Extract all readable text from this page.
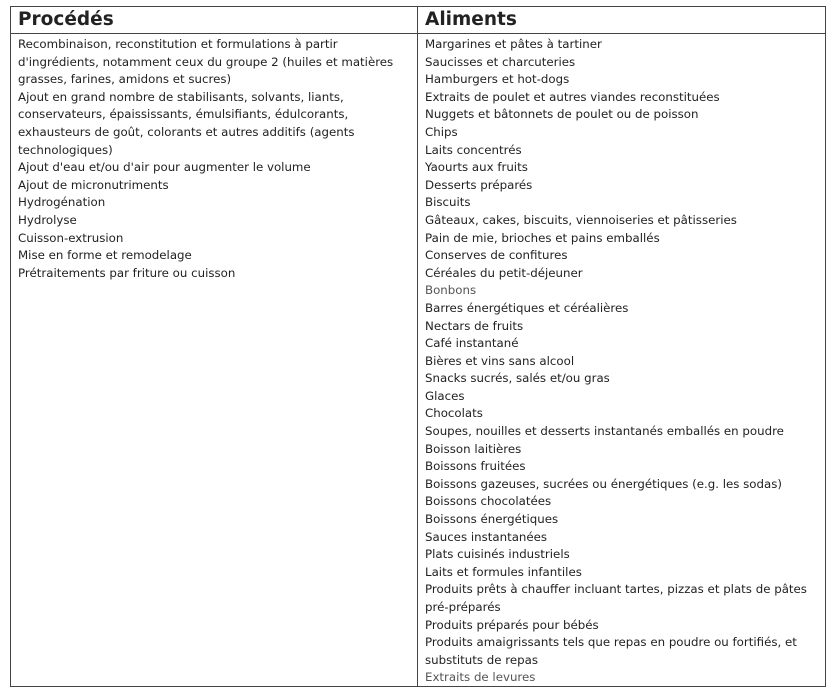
Procédés	Aliments
Recombinaison, reconstitution et formulations à partir
d'ingrédients, notamment ceux du groupe 2 (huiles et matières
grasses, farines, amidons et sucres)
Ajout en grand nombre de stabilisants, solvants, liants,
conservateurs, épaississants, émulsifiants, édulcorants,
exhausteurs de goût, colorants et autres additifs (agents
technologiques)
Ajout d'eau et/ou d'air pour augmenter le volume
Ajout de micronutriments
Hydrogénation
Hydrolyse
Cuisson-extrusion
Mise en forme et remodelage
Prétraitements par friture ou cuisson
Margarines et pâtes à tartiner
Saucisses et charcuteries
Hamburgers et hot-dogs
Extraits de poulet et autres viandes reconstituées
Nuggets et bâtonnets de poulet ou de poisson
Chips
Laits concentrés
Yaourts aux fruits
Desserts préparés
Biscuits
Gâteaux, cakes, biscuits, viennoiseries et pâtisseries
Pain de mie, brioches et pains emballés
Conserves de confitures
Céréales du petit-déjeuner
Bonbons
Barres énergétiques et céréalières
Nectars de fruits
Café instantané
Bières et vins sans alcool
Snacks sucrés, salés et/ou gras
Glaces
Chocolats
Soupes, nouilles et desserts instantanés emballés en poudre
Boisson laitières
Boissons fruitées
Boissons gazeuses, sucrées ou énergétiques (e.g. les sodas)
Boissons chocolatées
Boissons énergétiques
Sauces instantanées
Plats cuisinés industriels
Laits et formules infantiles
Produits prêts à chauffer incluant tartes, pizzas et plats de pâtes
pré-préparés
Produits préparés pour bébés
Produits amaigrissants tels que repas en poudre ou fortifiés, et
substituts de repas
Extraits de levures
